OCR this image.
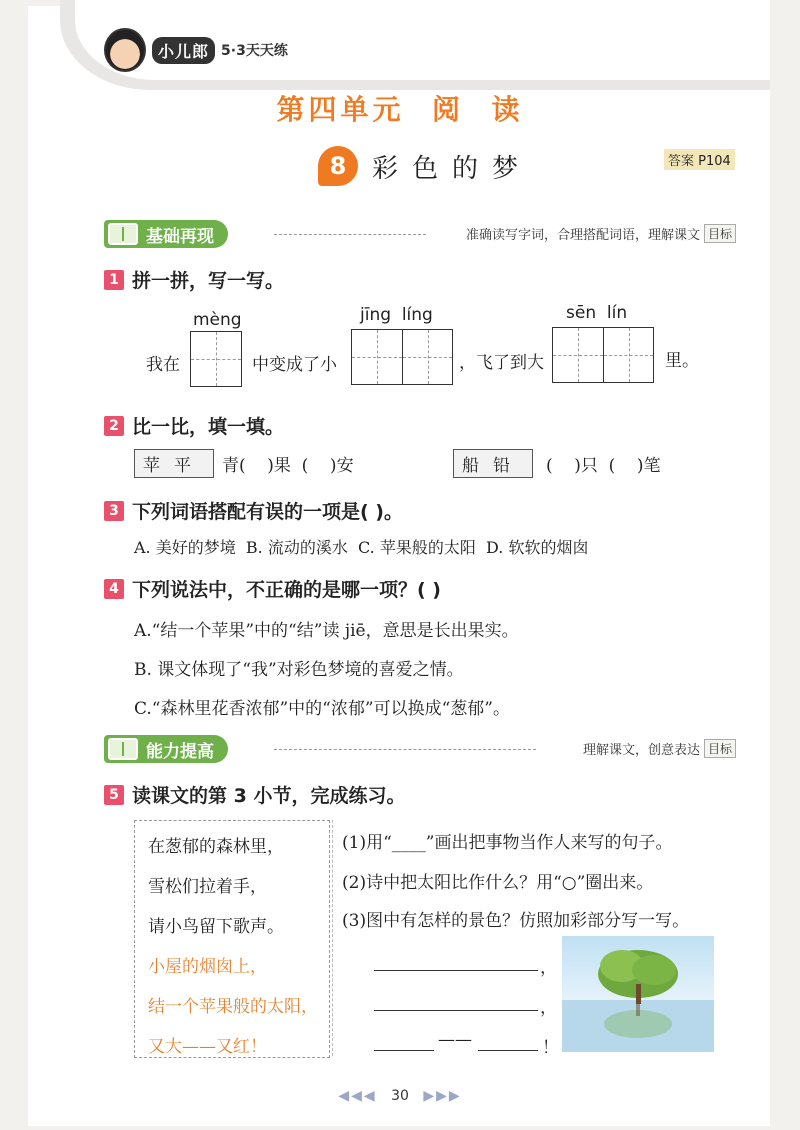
小儿郎 5·3天天练
第四单元  阅  读
8 彩色的梦	答案 P104
基础再现	准确读写字词，合理搭配词语，理解课文 目标
1 拼一拼，写一写。
mèng	jīng  líng	sēn  lín
我在	中变成了小	，飞了到大	里。
2 比一比，填一填。
苹平	青(    )果  (    )安	船铅	(    )只  (    )笔
3 下列词语搭配有误的一项是( )。
A. 美好的梦境  B. 流动的溪水  C. 苹果般的太阳  D. 软软的烟囱
4 下列说法中，不正确的是哪一项？( )
A.“结一个苹果”中的“结”读 jiē，意思是长出果实。
B. 课文体现了“我”对彩色梦境的喜爱之情。
C.“森林里花香浓郁”中的“浓郁”可以换成“葱郁”。
能力提高	理解课文，创意表达 目标
5 读课文的第 3 小节，完成练习。
在葱郁的森林里，
雪松们拉着手，
请小鸟留下歌声。
小屋的烟囱上，
结一个苹果般的太阳，
又大——又红！
(1)用“____”画出把事物当作人来写的句子。
(2)诗中把太阳比作什么？用“○”圈出来。
(3)图中有怎样的景色？仿照加彩部分写一写。
，
，
——	！
◀◀◀ 30 ▶▶▶
